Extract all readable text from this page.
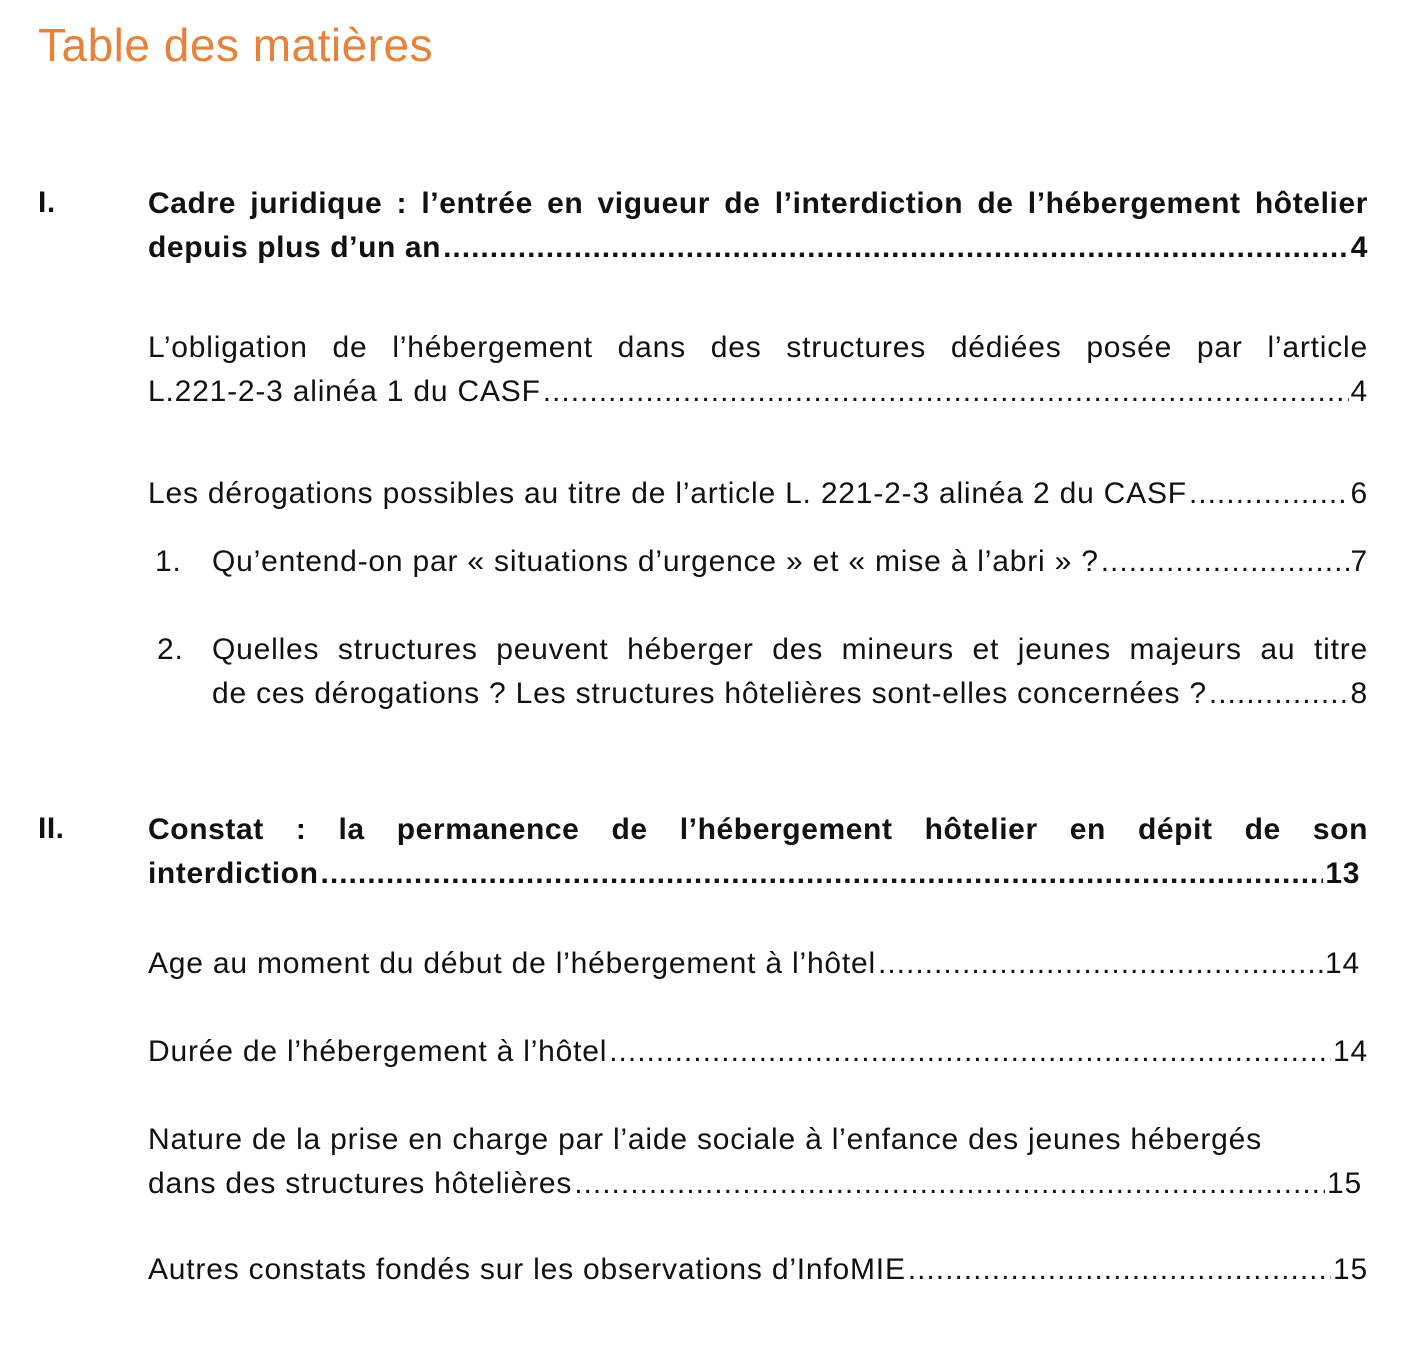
Table des matières
I.	Cadre juridique : l’entrée en vigueur de l’interdiction de l’hébergement hôtelier
depuis plus d’un an .....	4
L’obligation de l’hébergement dans des structures dédiées posée par l’article
L.221-2-3 alinéa 1 du CASF .....	4
Les dérogations possibles au titre de l’article L. 221-2-3 alinéa 2 du CASF .....	6
1. Qu’entend-on par « situations d’urgence » et « mise à l’abri » ? .....	7
2. Quelles structures peuvent héberger des mineurs et jeunes majeurs au titre
de ces dérogations ? Les structures hôtelières sont-elles concernées ? .....	8
II.	Constat : la permanence de l’hébergement hôtelier en dépit de son
interdiction .....	13
Age au moment du début de l’hébergement à l’hôtel .....	14
Durée de l’hébergement à l’hôtel .....	14
Nature de la prise en charge par l’aide sociale à l’enfance des jeunes hébergés
dans des structures hôtelières .....	15
Autres constats fondés sur les observations d’InfoMIE .....	15
